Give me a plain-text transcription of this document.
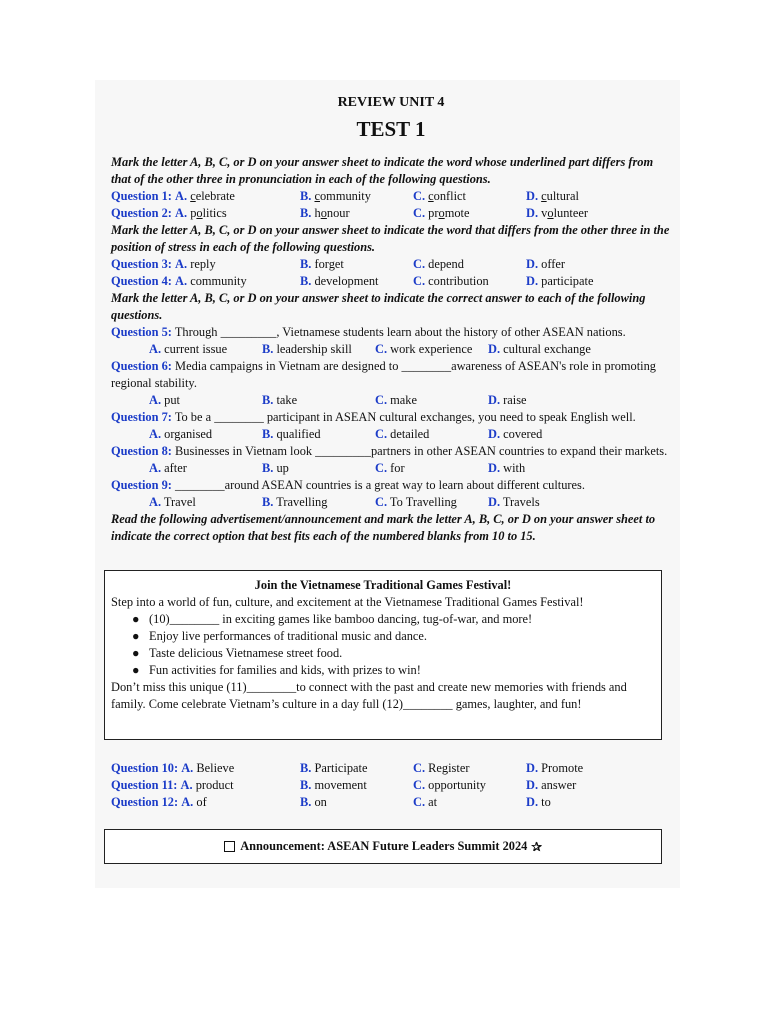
REVIEW UNIT 4
TEST 1
Mark the letter A, B, C, or D on your answer sheet to indicate the word whose underlined part differs from that of the other three in pronunciation in each of the following questions.
Question 1: A. celebrate	B. community	C. conflict	D. cultural
Question 2: A. politics	B. honour	C. promote	D. volunteer
Mark the letter A, B, C, or D on your answer sheet to indicate the word that differs from the other three in the position of stress in each of the following questions.
Question 3: A. reply	B. forget	C. depend	D. offer
Question 4: A. community	B. development	C. contribution	D. participate
Mark the letter A, B, C, or D on your answer sheet to indicate the correct answer to each of the following questions.
Question 5: Through _________, Vietnamese students learn about the history of other ASEAN nations.
A. current issue	B. leadership skill C. work experience D. cultural exchange
Question 6: Media campaigns in Vietnam are designed to ________awareness of ASEAN's role in promoting regional stability.
A. put	B. take	C. make	D. raise
Question 7: To be a ________ participant in ASEAN cultural exchanges, you need to speak English well.
A. organised	B. qualified	C. detailed	D. covered
Question 8: Businesses in Vietnam look _________partners in other ASEAN countries to expand their markets.
A. after	B. up	C. for	D. with
Question 9: ________around ASEAN countries is a great way to learn about different cultures.
A. Travel	B. Travelling	C. To Travelling	D. Travels
Read the following advertisement/announcement and mark the letter A, B, C, or D on your answer sheet to indicate the correct option that best fits each of the numbered blanks from 10 to 15.
Join the Vietnamese Traditional Games Festival!
Step into a world of fun, culture, and excitement at the Vietnamese Traditional Games Festival!
● (10)________ in exciting games like bamboo dancing, tug-of-war, and more!
● Enjoy live performances of traditional music and dance.
● Taste delicious Vietnamese street food.
● Fun activities for families and kids, with prizes to win!
Don’t miss this unique (11)________to connect with the past and create new memories with friends and family. Come celebrate Vietnam’s culture in a day full (12)________ games, laughter, and fun!
Question 10: A. Believe	B. Participate	C. Register	D. Promote
Question 11: A. product	B. movement	C. opportunity	D. answer
Question 12: A. of	B. on	C. at	D. to
Announcement: ASEAN Future Leaders Summit 2024 ✰
